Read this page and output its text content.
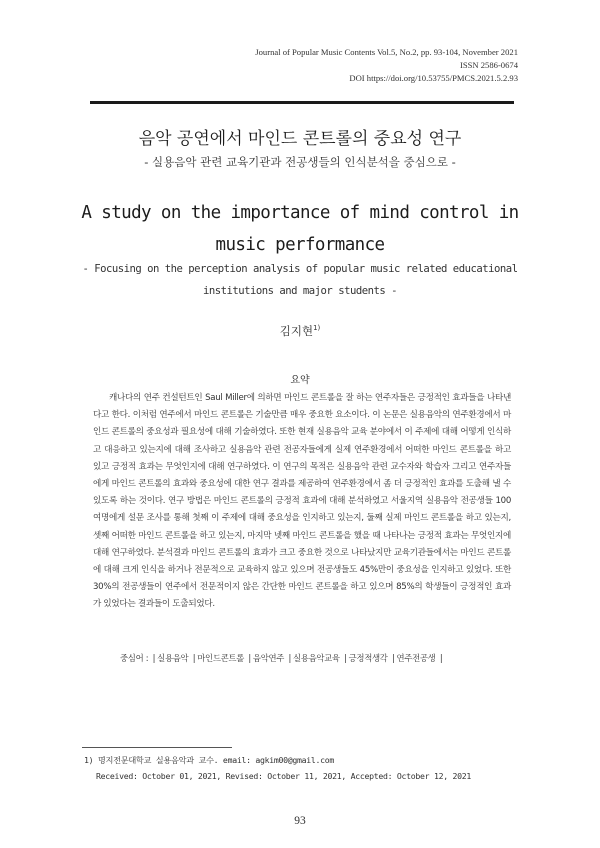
Journal of Popular Music Contents Vol.5, No.2, pp. 93-104, November 2021
ISSN 2586-0674
DOI https://doi.org/10.53755/PMCS.2021.5.2.93
음악 공연에서 마인드 콘트롤의 중요성 연구
- 실용음악 관련 교육기관과 전공생들의 인식분석을 중심으로 -
A study on the importance of mind control in music performance
- Focusing on the perception analysis of popular music related educational institutions and major students -
김지현$^{1)}$
요약

캐나다의 연주 컨설턴트인 Saul Miller에 의하면 마인드 콘트롤을 잘 하는 연주자들은 긍정적인 효과들을 나타낸다고 한다. 이처럼 연주에서 마인드 콘트롤은 기술만큼 매우 중요한 요소이다. 이 논문은 실용음악의 연주환경에서 마인드 콘트롤의 중요성과 필요성에 대해 기술하였다. 또한 현재 실용음악 교육 분야에서 이 주제에 대해 어떻게 인식하고 대응하고 있는지에 대해 조사하고 실용음악 관련 전공자들에게 실제 연주환경에서 어떠한 마인드 콘트롤을 하고 있고 긍정적 효과는 무엇인지에 대해 연구하였다. 이 연구의 목적은 실용음악 관련 교수자와 학습자 그리고 연주자들에게 마인드 콘트롤의 효과와 중요성에 대한 연구 결과를 제공하여 연주환경에서 좀 더 긍정적인 효과를 도출해 낼 수 있도록 하는 것이다. 연구 방법은 마인드 콘트롤의 긍정적 효과에 대해 분석하였고 서울지역 실용음악 전공생들 100여명에게 설문 조사를 통해 첫째 이 주제에 대해 중요성을 인지하고 있는지, 둘째 실제 마인드 콘트롤을 하고 있는지, 셋째 어떠한 마인드 콘트롤을 하고 있는지, 마지막 넷째 마인드 콘트롤을 했을 때 나타나는 긍정적 효과는 무엇인지에 대해 연구하였다. 분석결과 마인드 콘트롤의 효과가 크고 중요한 것으로 나타났지만 교육기관들에서는 마인드 콘트롤에 대해 크게 인식을 하거나 전문적으로 교육하지 않고 있으며 전공생들도 45%만이 중요성을 인지하고 있었다. 또한 30%의 전공생들이 연주에서 전문적이지 않은 간단한 마인드 콘트롤을 하고 있으며 85%의 학생들이 긍정적인 효과가 있었다는 결과들이 도출되었다.

중심어 : | 실용음악 | 마인드콘트롤 | 음악연주 | 실용음악교육 | 긍정적생각 | 연주전공생 |
1) 명지전문대학교 실용음악과 교수. email: agkim00@gmail.com
Received: October 01, 2021, Revised: October 11, 2021, Accepted: October 12, 2021
93
